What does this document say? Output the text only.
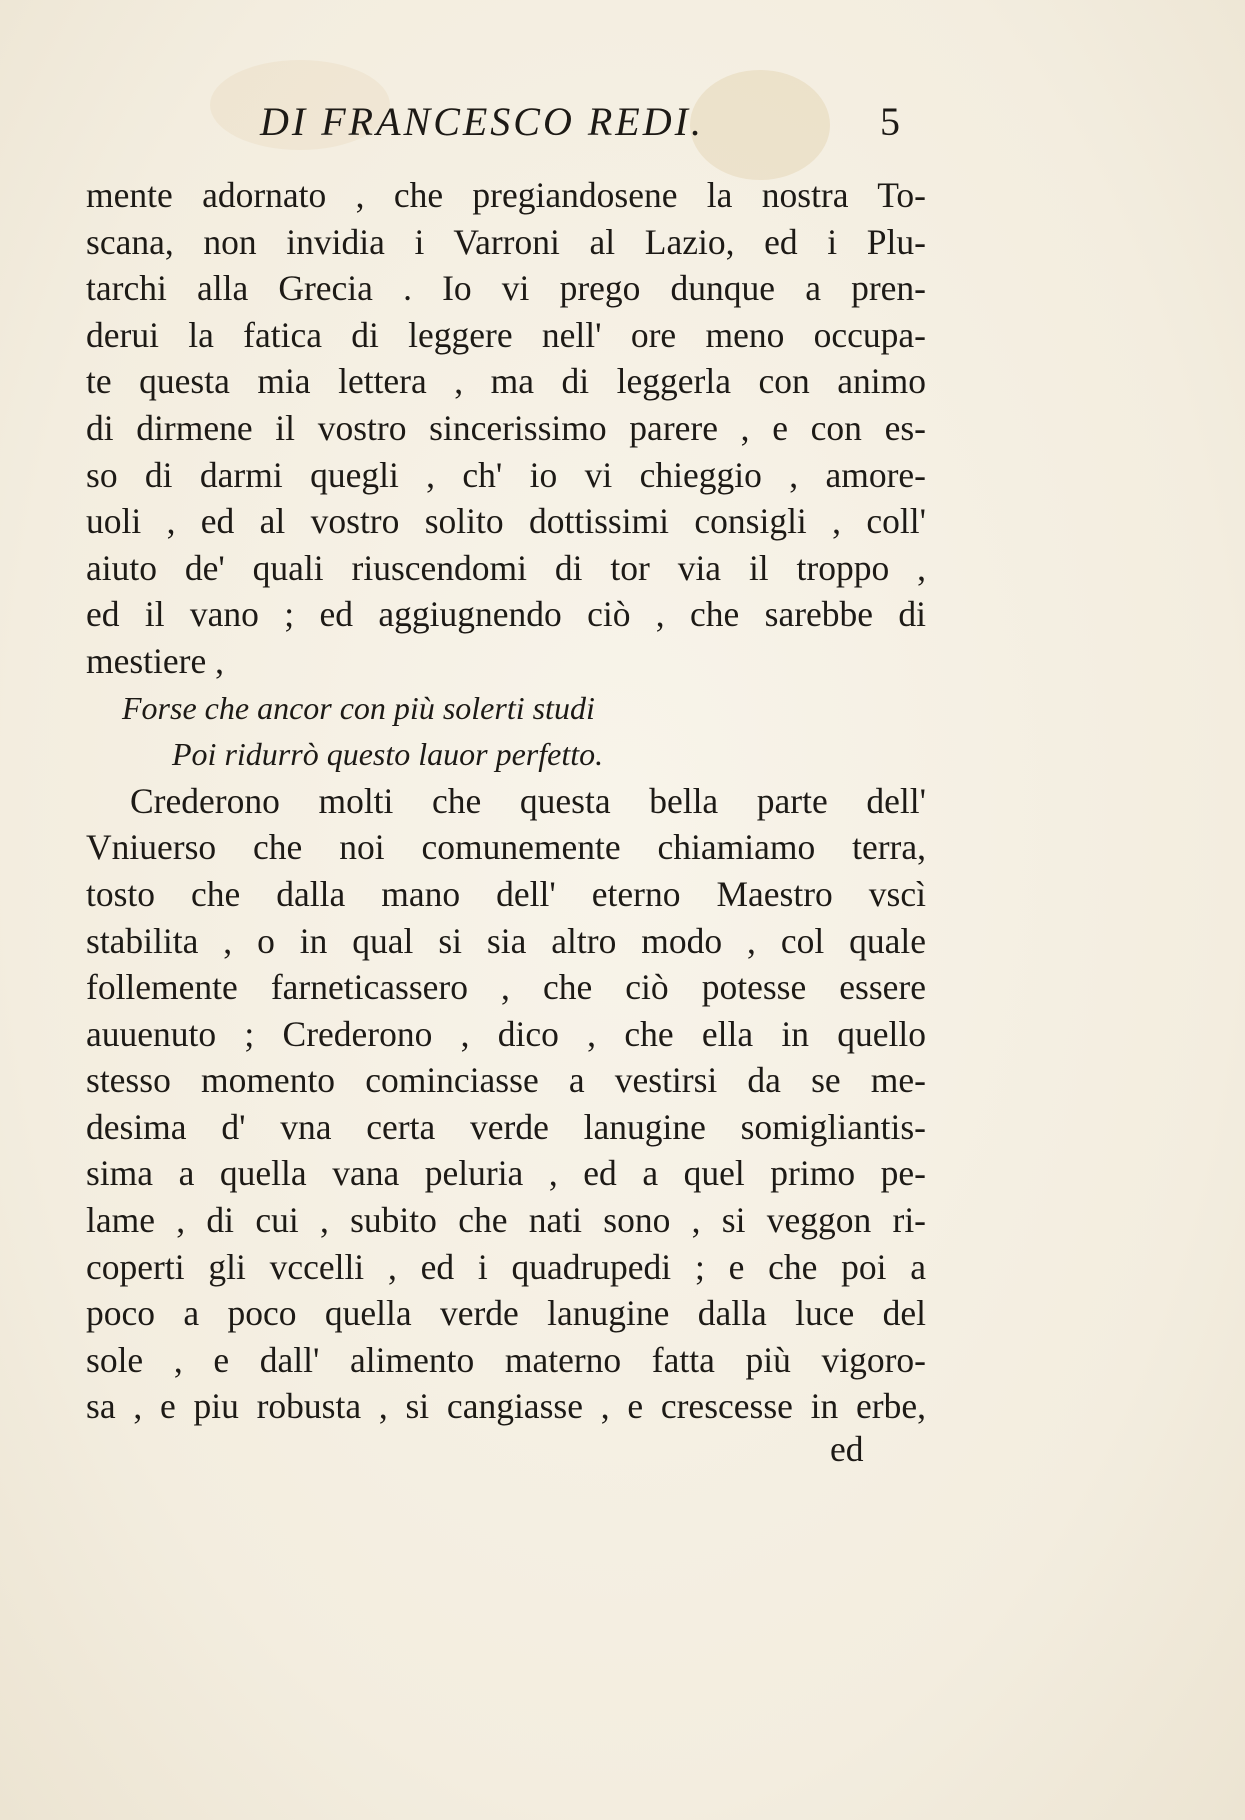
DI FRANCESCO REDI.	5
mente adornato , che pregiandosene la nostra To-
scana, non invidia i Varroni al Lazio, ed i Plu-
tarchi alla Grecia . Io vi prego dunque a pren-
derui la fatica di leggere nell' ore meno occupa-
te questa mia lettera , ma di leggerla con animo
di dirmene il vostro sincerissimo parere , e con es-
so di darmi quegli , ch' io vi chieggio , amore-
uoli , ed al vostro solito dottissimi consigli , coll'
aiuto de' quali riuscendomi di tor via il troppo ,
ed il vano ; ed aggiugnendo ciò , che sarebbe di
mestiere ,
Forse che ancor con più solerti studi
Poi ridurrò questo lauor perfetto.
Crederono molti che questa bella parte dell'
Vniuerso che noi comunemente chiamiamo terra,
tosto che dalla mano dell' eterno Maestro vscì
stabilita , o in qual si sia altro modo , col quale
follemente farneticassero , che ciò potesse essere
auuenuto ; Crederono , dico , che ella in quello
stesso momento cominciasse a vestirsi da se me-
desima d' vna certa verde lanugine somigliantis-
sima a quella vana peluria , ed a quel primo pe-
lame , di cui , subito che nati sono , si veggon ri-
coperti gli vccelli , ed i quadrupedi ; e che poi a
poco a poco quella verde lanugine dalla luce del
sole , e dall' alimento materno fatta più vigoro-
sa , e piu robusta , si cangiasse , e crescesse in erbe,
ed
